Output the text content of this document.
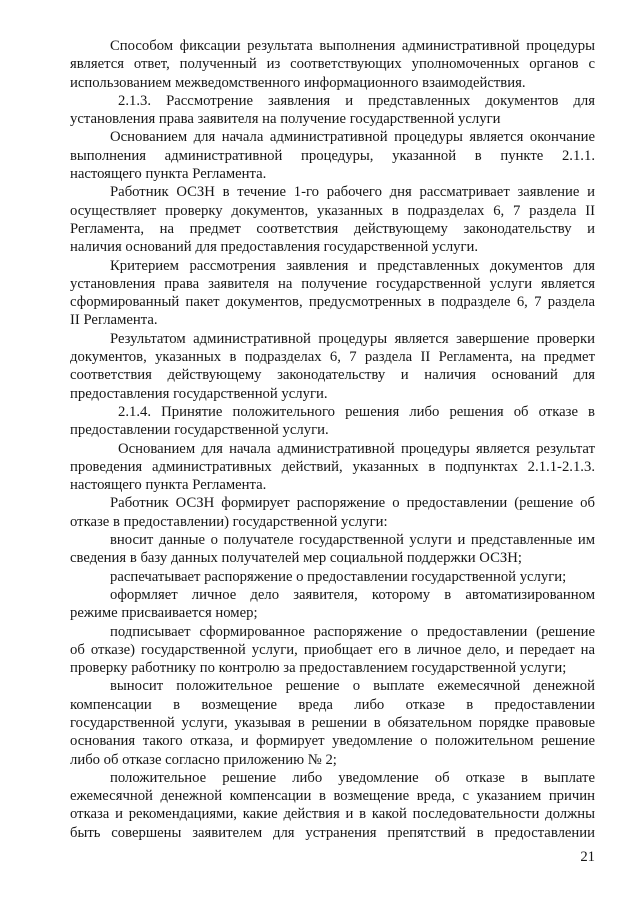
Способом фиксации результата выполнения административной процедуры
является ответ, полученный из соответствующих уполномоченных органов с
использованием межведомственного информационного взаимодействия.

2.1.3. Рассмотрение заявления и представленных документов для
установления права заявителя на получение государственной услуги

Основанием для начала административной процедуры является окончание
выполнения административной процедуры, указанной в пункте 2.1.1.
настоящего пункта Регламента.

Работник ОСЗН в течение 1-го рабочего дня рассматривает заявление и
осуществляет проверку документов, указанных в подразделах 6, 7 раздела II
Регламента, на предмет соответствия действующему законодательству и
наличия оснований для предоставления государственной услуги.

Критерием рассмотрения заявления и представленных документов для
установления права заявителя на получение государственной услуги является
сформированный пакет документов, предусмотренных в подразделе 6, 7 раздела
II Регламента.

Результатом административной процедуры является завершение проверки
документов, указанных в подразделах 6, 7 раздела II Регламента, на предмет
соответствия действующему законодательству и наличия оснований для
предоставления государственной услуги.

2.1.4. Принятие положительного решения либо решения об отказе в
предоставлении государственной услуги.

Основанием для начала административной процедуры является результат
проведения административных действий, указанных в подпунктах 2.1.1-2.1.3.
настоящего пункта Регламента.

Работник ОСЗН формирует распоряжение о предоставлении (решение об
отказе в предоставлении) государственной услуги:

вносит данные о получателе государственной услуги и представленные им
сведения в базу данных получателей мер социальной поддержки ОСЗН;

распечатывает распоряжение о предоставлении государственной услуги;

оформляет личное дело заявителя, которому в автоматизированном
режиме присваивается номер;

подписывает сформированное распоряжение о предоставлении (решение
об отказе) государственной услуги, приобщает его в личное дело, и передает на
проверку работнику по контролю за предоставлением государственной услуги;

выносит положительное решение о выплате ежемесячной денежной
компенсации в возмещение вреда либо отказе в предоставлении
государственной услуги, указывая в решении в обязательном порядке правовые
основания такого отказа, и формирует уведомление о положительном решение
либо об отказе согласно приложению № 2;

положительное решение либо уведомление об отказе в выплате
ежемесячной денежной компенсации в возмещение вреда, с указанием причин
отказа и рекомендациями, какие действия и в какой последовательности должны
быть совершены заявителем для устранения препятствий в предоставлении

21
